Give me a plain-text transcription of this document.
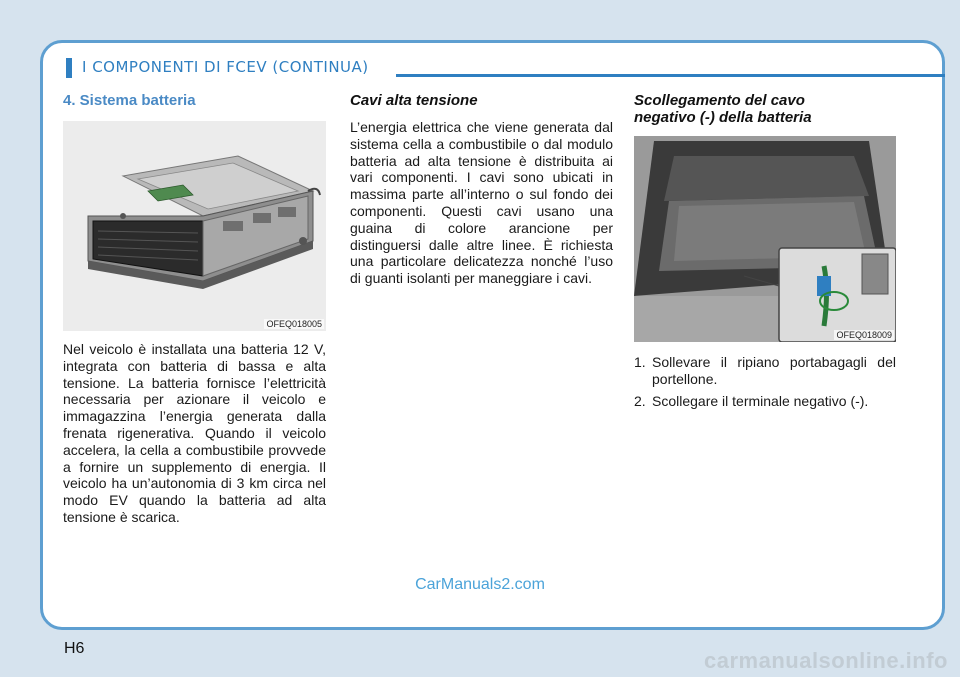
I COMPONENTI DI FCEV (CONTINUA)
4. Sistema batteria
OFEQ018005

Nel veicolo è installata una batteria 12 V, integrata con batteria di bassa e alta tensione. La batteria fornisce l’elettricità necessaria per azionare il veicolo e immagazzina l’energia generata dalla frenata rigenerativa. Quando il veicolo accelera, la cella a combustibile provvede a fornire un supplemento di energia. Il veicolo ha un’autonomia di 3 km circa nel modo EV quando la batteria ad alta tensione è scarica.

Cavi alta tensione

L’energia elettrica che viene generata dal sistema cella a combustibile o dal modulo batteria ad alta tensione è distribuita ai vari componenti. I cavi sono ubicati in massima parte all’interno o sul fondo dei componenti. Questi cavi usano una guaina di colore arancione per distinguersi dalle altre linee. È richiesta una particolare delicatezza nonché l’uso di guanti isolanti per maneggiare i cavi.

Scollegamento del cavo
negativo (-) della batteria
OFEQ018009
1. Sollevare il ripiano portabagagli del portellone.
2. Scollegare il terminale negativo (-).
CarManuals2.com
H6	carmanualsonline.info
